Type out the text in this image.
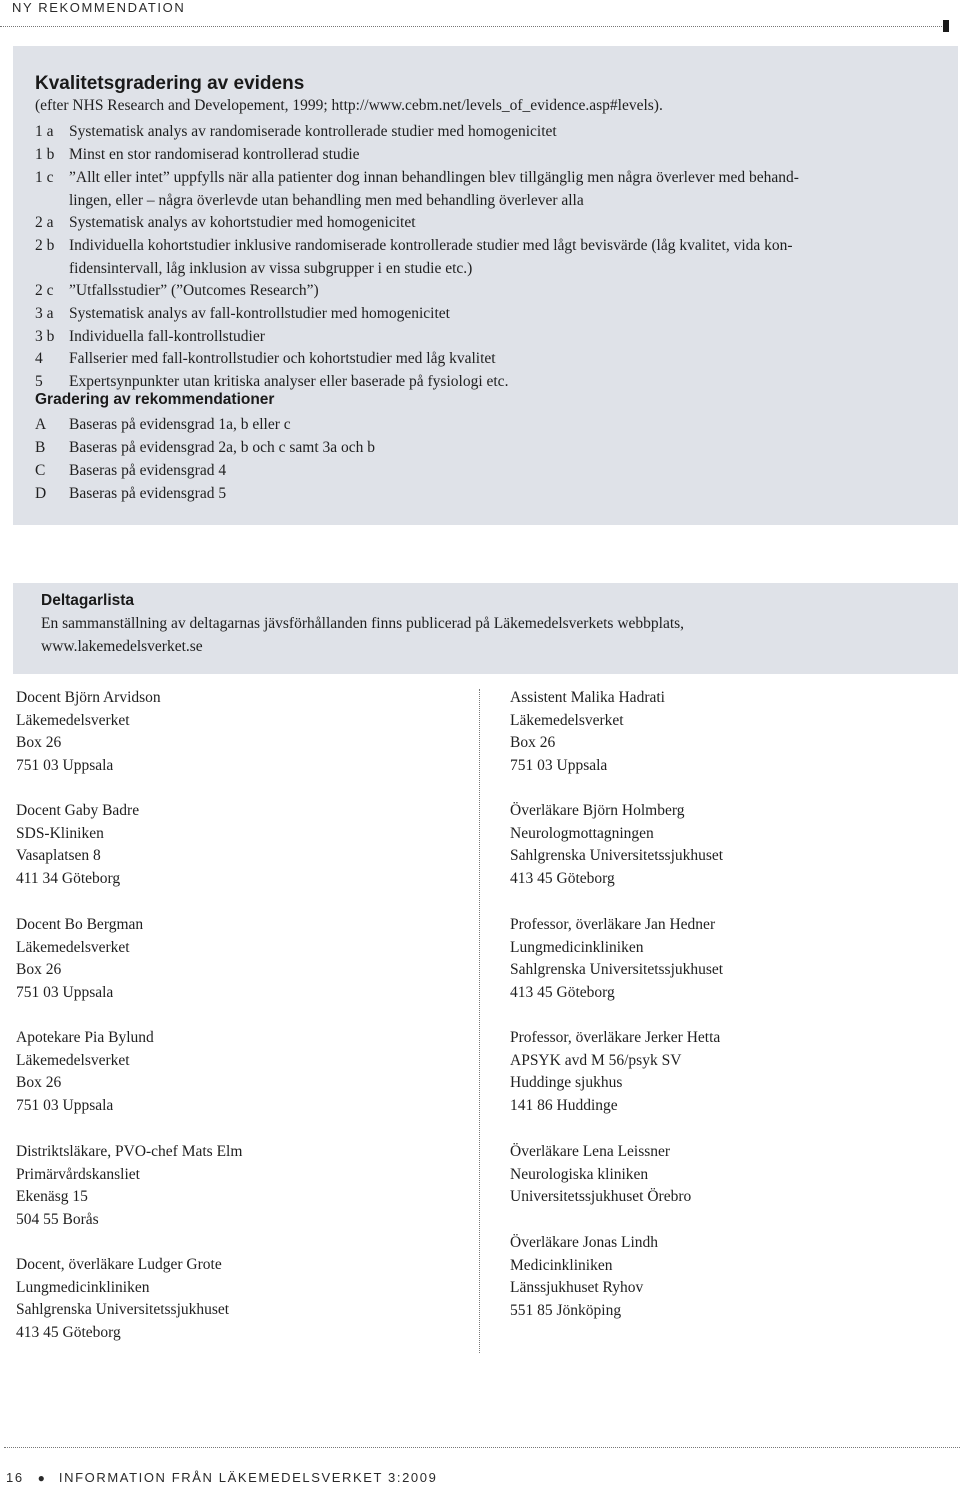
NY REKOMMENDATION
Kvalitetsgradering av evidens
(efter NHS Research and Developement, 1999; http://www.cebm.net/levels_of_evidence.asp#levels).
1 a Systematisk analys av randomiserade kontrollerade studier med homogenicitet
1 b Minst en stor randomiserad kontrollerad studie
1 c ”Allt eller intet” uppfylls när alla patienter dog innan behandlingen blev tillgänglig men några överlever med behand-
lingen, eller – några överlevde utan behandling men med behandling överlever alla
2 a Systematisk analys av kohortstudier med homogenicitet
2 b Individuella kohortstudier inklusive randomiserade kontrollerade studier med lågt bevisvärde (låg kvalitet, vida kon-
fidensintervall, låg inklusion av vissa subgrupper i en studie etc.)
2 c ”Utfallsstudier” (”Outcomes Research”)
3 a Systematisk analys av fall-kontrollstudier med homogenicitet
3 b Individuella fall-kontrollstudier
4	Fallserier med fall-kontrollstudier och kohortstudier med låg kvalitet
5	Expertsynpunkter utan kritiska analyser eller baserade på fysiologi etc.
Gradering av rekommendationer
A	Baseras på evidensgrad 1a, b eller c
B	Baseras på evidensgrad 2a, b och c samt 3a och b
C	Baseras på evidensgrad 4
D	Baseras på evidensgrad 5
Deltagarlista
En sammanställning av deltagarnas jävsförhållanden finns publicerad på Läkemedelsverkets webbplats,
www.lakemedelsverket.se
Docent Björn Arvidson
Läkemedelsverket
Box 26
751 03 Uppsala
Docent Gaby Badre
SDS-Kliniken
Vasaplatsen 8
411 34 Göteborg
Docent Bo Bergman
Läkemedelsverket
Box 26
751 03 Uppsala
Apotekare Pia Bylund
Läkemedelsverket
Box 26
751 03 Uppsala
Distriktsläkare, PVO-chef Mats Elm
Primärvårdskansliet
Ekenäsg 15
504 55 Borås
Docent, överläkare Ludger Grote
Lungmedicinkliniken
Sahlgrenska Universitetssjukhuset
413 45 Göteborg
Assistent Malika Hadrati
Läkemedelsverket
Box 26
751 03 Uppsala
Överläkare Björn Holmberg
Neurologmottagningen
Sahlgrenska Universitetssjukhuset
413 45 Göteborg
Professor, överläkare Jan Hedner
Lungmedicinkliniken
Sahlgrenska Universitetssjukhuset
413 45 Göteborg
Professor, överläkare Jerker Hetta
APSYK avd M 56/psyk SV
Huddinge sjukhus
141 86 Huddinge
Överläkare Lena Leissner
Neurologiska kliniken
Universitetssjukhuset Örebro
Överläkare Jonas Lindh
Medicinkliniken
Länssjukhuset Ryhov
551 85 Jönköping
16 ● INFORMATION FRÅN LÄKEMEDELSVERKET 3:2009
